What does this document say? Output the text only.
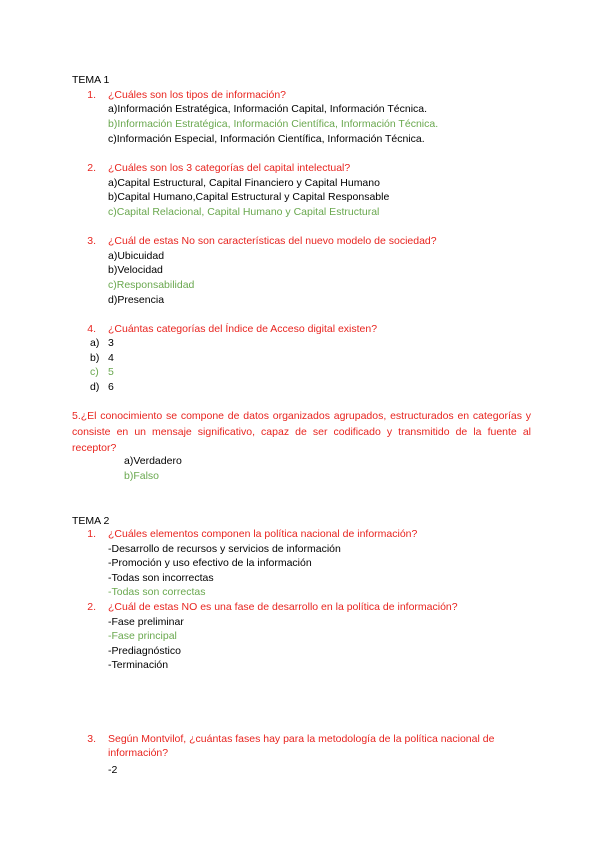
TEMA 1
1. ¿Cuáles son los tipos de información?
a)Información Estratégica, Información Capital, Información Técnica.
b)Información Estratégica, Información Científica, Información Técnica.
c)Información Especial, Información Científica, Información Técnica.
2. ¿Cuáles son los 3 categorías del capital intelectual?
a)Capital Estructural, Capital Financiero y Capital Humano
b)Capital Humano,Capital Estructural y Capital Responsable
c)Capital Relacional, Capital Humano y Capital Estructural
3. ¿Cuál de estas No son características del nuevo modelo de sociedad?
a)Ubicuidad
b)Velocidad
c)Responsabilidad
d)Presencia
4. ¿Cuántas categorías del Índice de Acceso digital existen?
a) 3
b) 4
c) 5
d) 6
5.¿El conocimiento se compone de datos organizados agrupados, estructurados en categorías y consiste en un mensaje significativo, capaz de ser codificado y transmitido de la fuente al receptor?
a)Verdadero
b)Falso
TEMA 2
1. ¿Cuáles elementos componen la política nacional de información?
-Desarrollo de recursos y servicios de información
-Promoción y uso efectivo de la información
-Todas son incorrectas
-Todas son correctas
2. ¿Cuál de estas NO es una fase de desarrollo en la política de información?
-Fase preliminar
-Fase principal
-Prediagnóstico
-Terminación
3. Según Montvilof, ¿cuántas fases hay para la metodología de la política nacional de
información?
-2
